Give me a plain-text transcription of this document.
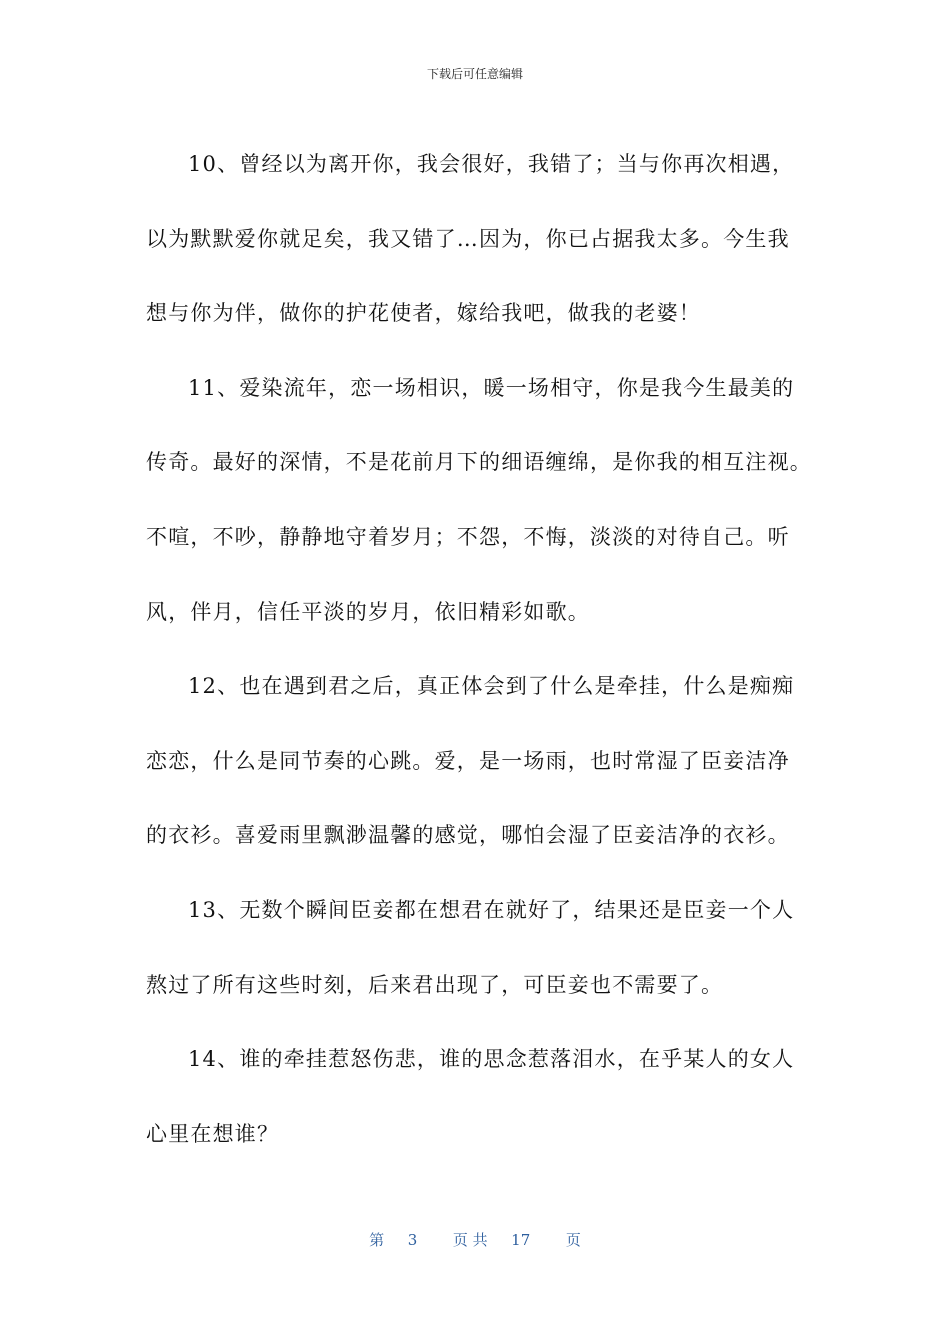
下载后可任意编辑

10、曾经以为离开你，我会很好，我错了；当与你再次相遇，
以为默默爱你就足矣，我又错了…因为，你已占据我太多。今生我
想与你为伴，做你的护花使者，嫁给我吧，做我的老婆！

11、爱染流年，恋一场相识，暖一场相守，你是我今生最美的
传奇。最好的深情，不是花前月下的细语缠绵，是你我的相互注视。
不喧，不吵，静静地守着岁月；不怨，不悔，淡淡的对待自己。听
风，伴月，信任平淡的岁月，依旧精彩如歌。

12、也在遇到君之后，真正体会到了什么是牵挂，什么是痴痴
恋恋，什么是同节奏的心跳。爱，是一场雨，也时常湿了臣妾洁净
的衣衫。喜爱雨里飘渺温馨的感觉，哪怕会湿了臣妾洁净的衣衫。

13、无数个瞬间臣妾都在想君在就好了，结果还是臣妾一个人
熬过了所有这些时刻，后来君出现了，可臣妾也不需要了。

14、谁的牵挂惹怒伤悲，谁的思念惹落泪水，在乎某人的女人
心里在想谁？

第 3 页 共 17 页
